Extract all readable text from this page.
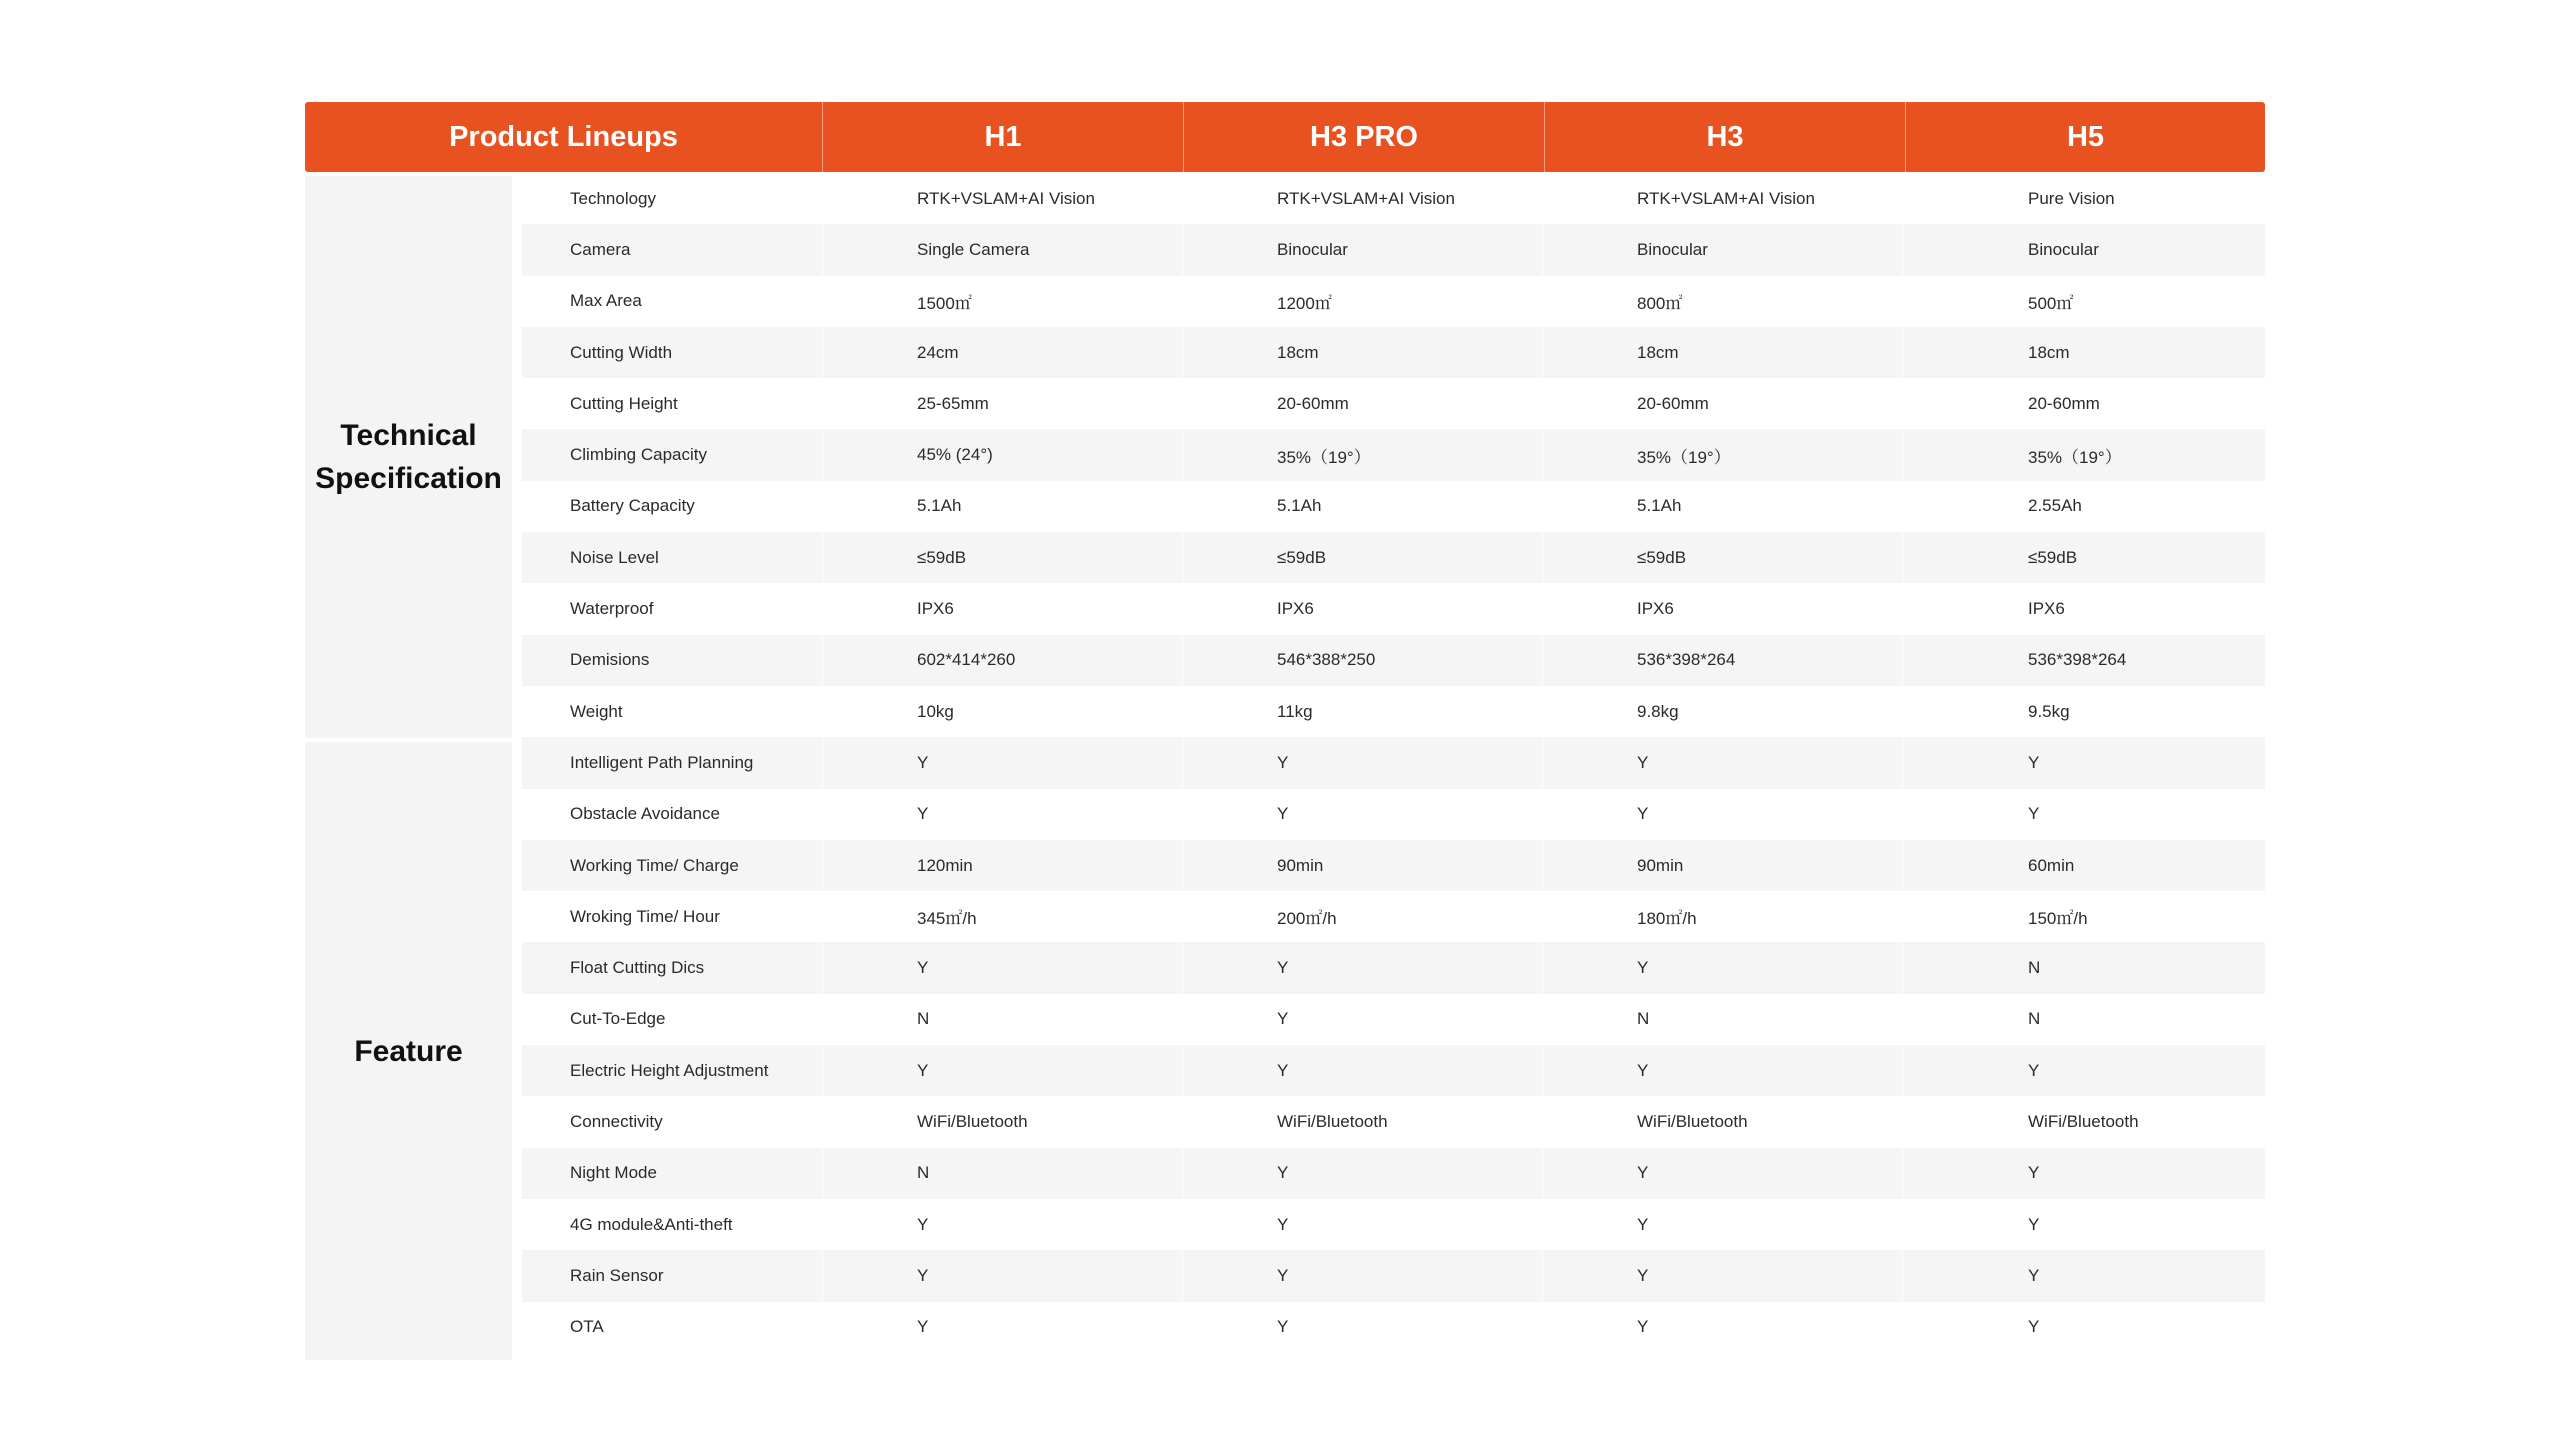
Product Lineups	H1	H3 PRO	H3	H5
Technical
Specification
Feature
Technology	RTK+VSLAM+AI Vision	RTK+VSLAM+AI Vision	RTK+VSLAM+AI Vision	Pure Vision
Camera	Single Camera	Binocular	Binocular	Binocular
Max Area	1500㎡	1200㎡	800㎡	500㎡
Cutting Width	24cm	18cm	18cm	18cm
Cutting Height	25-65mm	20-60mm	20-60mm	20-60mm
Climbing Capacity	45% (24°)	35%（19°）	35%（19°）	35%（19°）
Battery Capacity	5.1Ah	5.1Ah	5.1Ah	2.55Ah
Noise Level	≤59dB	≤59dB	≤59dB	≤59dB
Waterproof	IPX6	IPX6	IPX6	IPX6
Demisions	602*414*260	546*388*250	536*398*264	536*398*264
Weight	10kg	11kg	9.8kg	9.5kg
Intelligent Path Planning	Y	Y	Y	Y
Obstacle Avoidance	Y	Y	Y	Y
Working Time/ Charge	120min	90min	90min	60min
Wroking Time/ Hour	345㎡/h	200㎡/h	180㎡/h	150㎡/h
Float Cutting Dics	Y	Y	Y	N
Cut-To-Edge	N	Y	N	N
Electric Height Adjustment	Y	Y	Y	Y
Connectivity	WiFi/Bluetooth	WiFi/Bluetooth	WiFi/Bluetooth	WiFi/Bluetooth
Night Mode	N	Y	Y	Y
4G module&Anti-theft	Y	Y	Y	Y
Rain Sensor	Y	Y	Y	Y
OTA	Y	Y	Y	Y
